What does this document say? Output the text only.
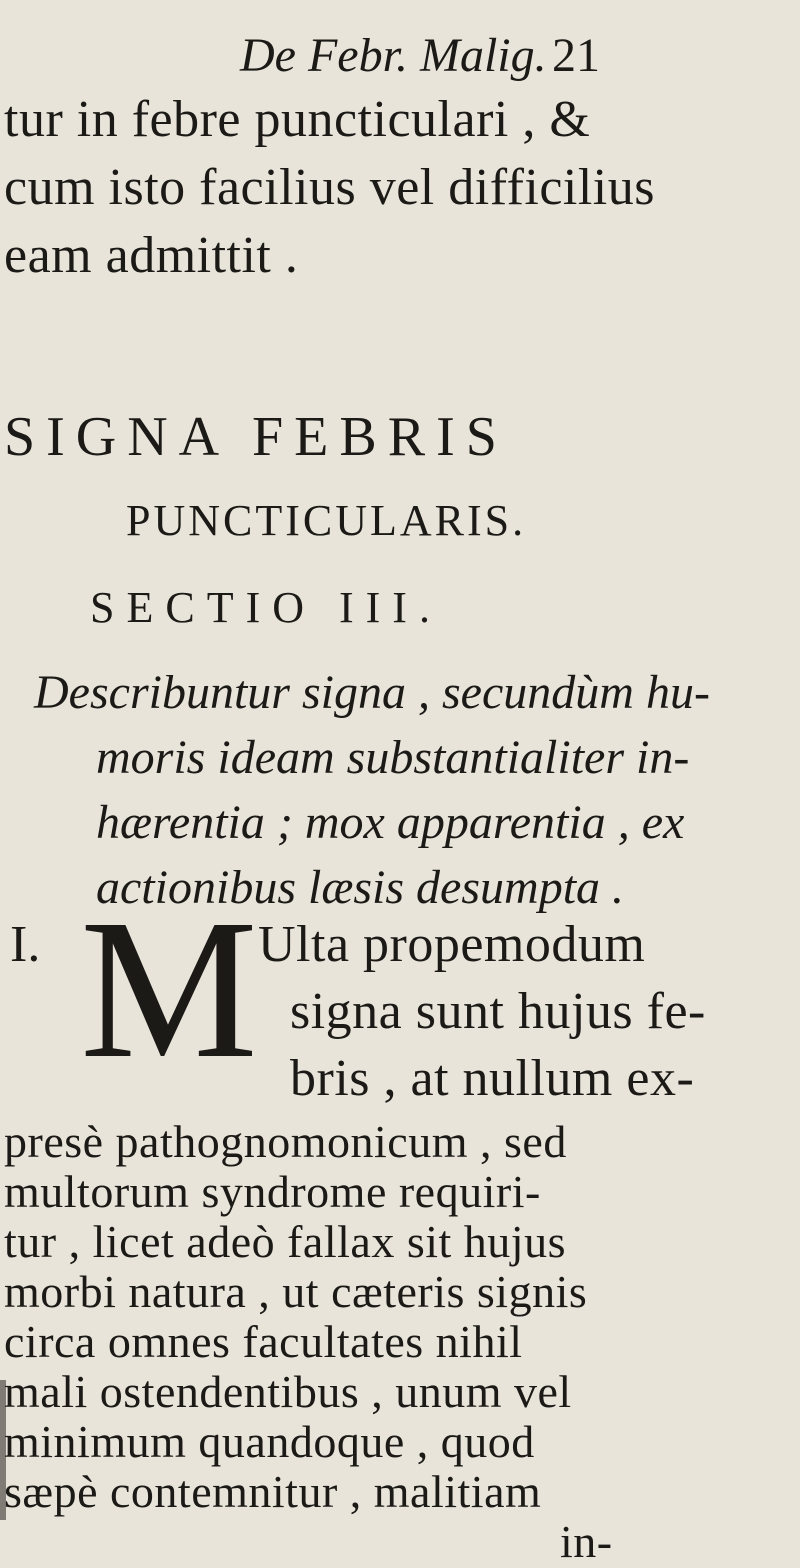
De Febr. Malig. 21
tur in febre puncticulari , &
cum isto facilius vel difficilius
eam admittit .
SIGNA FEBRIS
PUNCTICULARIS.
SECTIO III.
Describuntur signa , secundùm hu-
moris ideam substantialiter in-
hærentia ; mox apparentia , ex
actionibus læsis desumpta .
I. M Ulta propemodum
signa sunt hujus fe-
bris , at nullum ex-
presè pathognomonicum , sed
multorum syndrome requiri-
tur , licet adeò fallax sit hujus
morbi natura , ut cæteris signis
circa omnes facultates nihil
mali ostendentibus , unum vel
minimum quandoque , quod
sæpè contemnitur , malitiam
in-
